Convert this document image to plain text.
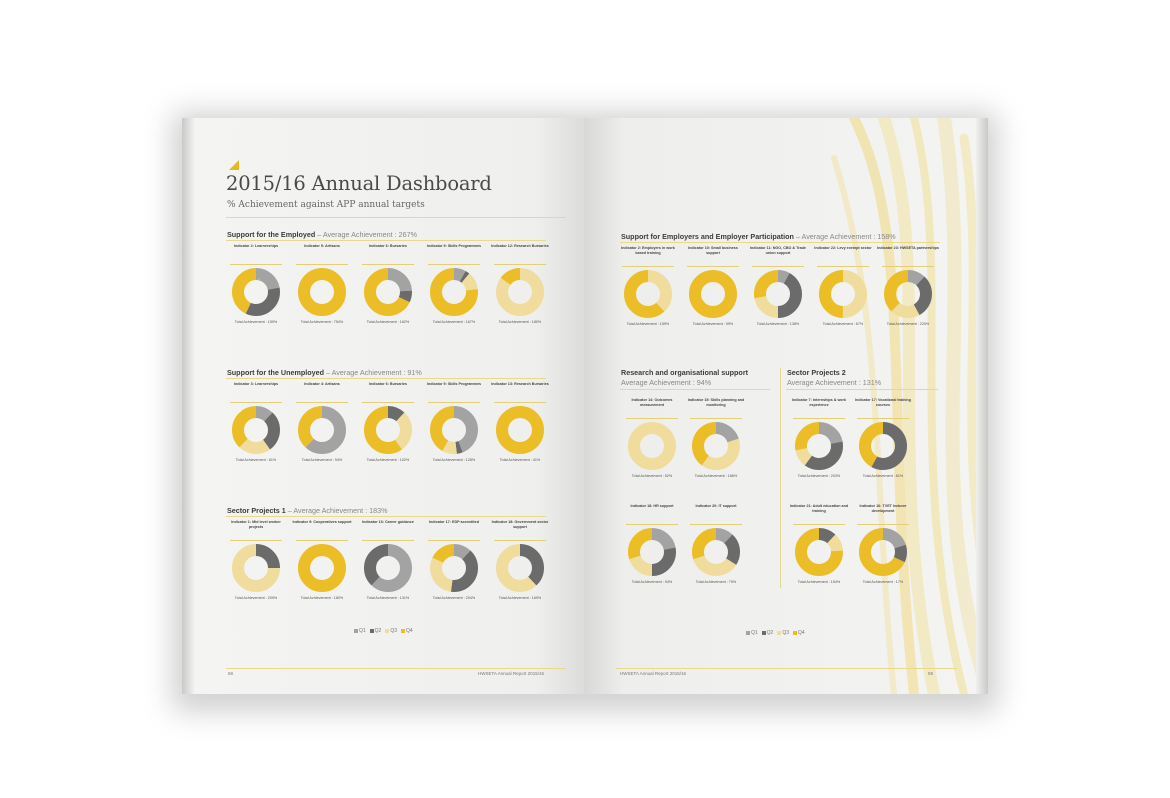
2015/16 Annual Dashboard
% Achievement against APP annual targets
Support for the Employed – Average Achievement : 267%
Support for the Unemployed – Average Achievement : 91%
Sector Projects 1 – Average Achievement : 183%
Q1 Q2 Q3 Q4
58	HWSETA Annual Report 2015/16
Indicator 2: Learnerships
Total Achievement : 159%
Indicator 5: Artisans
Total Achievement : 754%
Indicator 6: Bursaries
Total Achievement : 162%
Indicator 9: Skills Programmes
Total Achievement : 167%
Indicator 12: Research Bursaries
Total Achievement : 180%
Indicator 3: Learnerships
Total Achievement : 81%
Indicator 4: Artisans
Total Achievement : 94%
Indicator 6: Bursaries
Total Achievement : 102%
Indicator 9: Skills Programmes
Total Achievement : 128%
Indicator 13: Research Bursaries
Total Achievement : 41%
Indicator 1: Mid level worker projects
Total Achievement : 209%
Indicator 9: Cooperatives support
Total Achievement : 180%
Indicator 16: Career guidance
Total Achievement : 131%
Indicator 17: EDP accredited
Total Achievement : 204%
Indicator 18: Government sector support
Total Achievement : 169%
Support for Employers and Employer Participation – Average Achievement : 158%
Research and organisational support
Average Achievement : 94%
Sector Projects 2
Average Achievement : 131%
Q1 Q2 Q3 Q4
HWSETA Annual Report 2015/16	59
Indicator 2: Employers in work based training
Total Achievement : 159%
Indicator 10: Small business support
Total Achievement : 99%
Indicator 11: NGO, CBO & Trade union support
Total Achievement : 138%
Indicator 22: Levy exempt sector
Total Achievement : 67%
Indicator 23: HWSETA partnerships
Total Achievement : 220%
Indicator 14: Outcomes measurement
Total Achievement : 52%
Indicator 15: Skills planning and monitoring
Total Achievement : 166%
Indicator 18: HR support
Total Achievement : 94%
Indicator 20: IT support
Total Achievement : 79%
Indicator 7: Internships & work experience
Total Achievement : 203%
Indicator 17: Vocational training courses
Total Achievement : 81%
Indicator 21: Adult education and training
Total Achievement : 154%
Indicator 16: TVET lecturer development
Total Achievement : 17%
